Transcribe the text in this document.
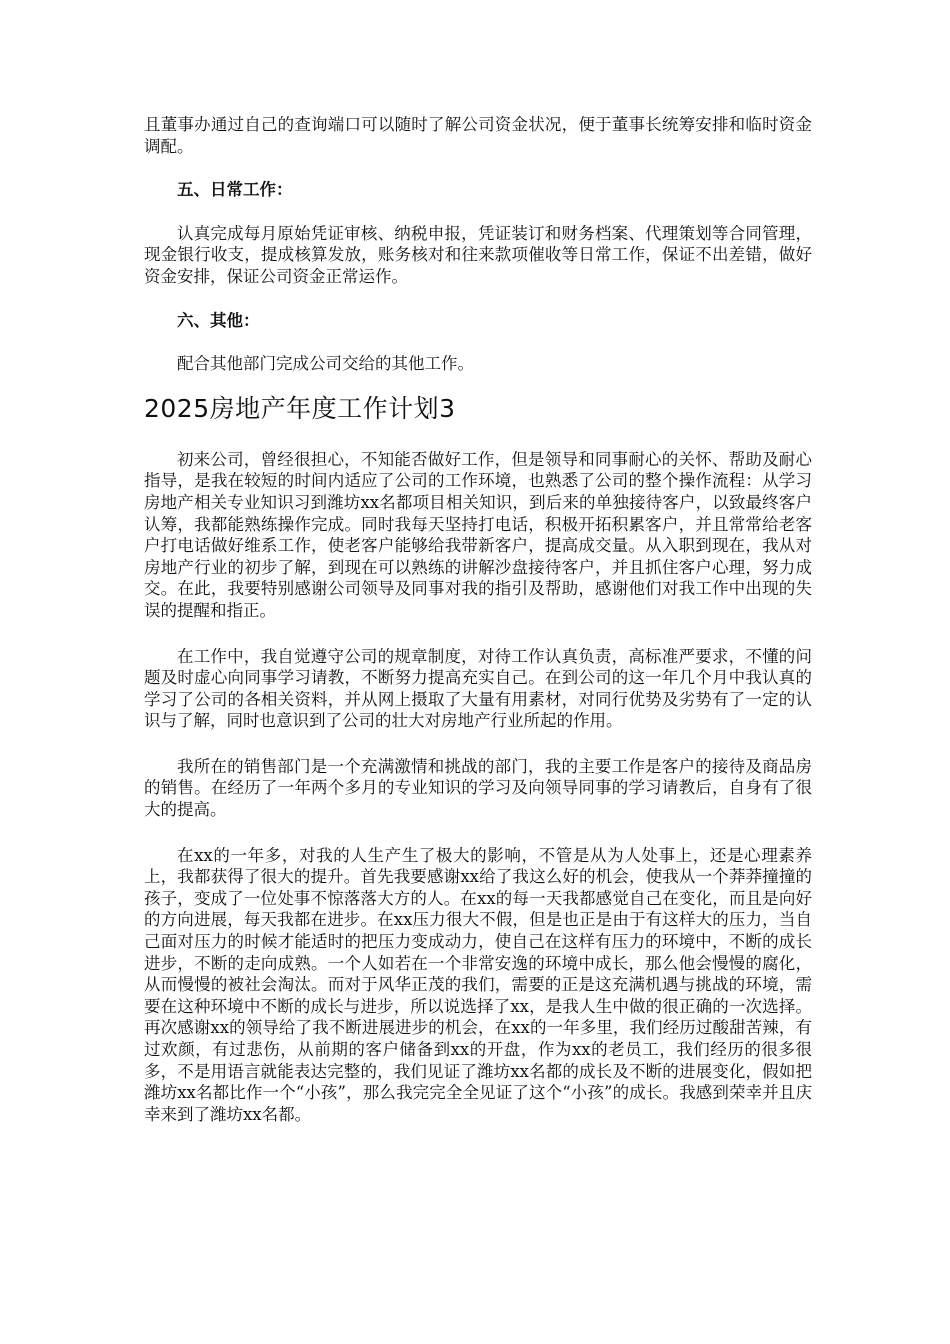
且董事办通过自己的查询端口可以随时了解公司资金状况，便于董事长统筹安排和临时资金调配。

五、日常工作：

认真完成每月原始凭证审核、纳税申报，凭证装订和财务档案、代理策划等合同管理，现金银行收支，提成核算发放，账务核对和往来款项催收等日常工作，保证不出差错，做好资金安排，保证公司资金正常运作。

六、其他：

配合其他部门完成公司交给的其他工作。

2025房地产年度工作计划3

初来公司，曾经很担心，不知能否做好工作，但是领导和同事耐心的关怀、帮助及耐心指导，是我在较短的时间内适应了公司的工作环境，也熟悉了公司的整个操作流程：从学习房地产相关专业知识习到潍坊xx名都项目相关知识，到后来的单独接待客户，以致最终客户认筹，我都能熟练操作完成。同时我每天坚持打电话，积极开拓积累客户，并且常常给老客户打电话做好维系工作，使老客户能够给我带新客户，提高成交量。从入职到现在，我从对房地产行业的初步了解，到现在可以熟练的讲解沙盘接待客户，并且抓住客户心理，努力成交。在此，我要特别感谢公司领导及同事对我的指引及帮助，感谢他们对我工作中出现的失误的提醒和指正。

在工作中，我自觉遵守公司的规章制度，对待工作认真负责，高标准严要求，不懂的问题及时虚心向同事学习请教，不断努力提高充实自己。在到公司的这一年几个月中我认真的学习了公司的各相关资料，并从网上摄取了大量有用素材，对同行优势及劣势有了一定的认识与了解，同时也意识到了公司的壮大对房地产行业所起的作用。

我所在的销售部门是一个充满激情和挑战的部门，我的主要工作是客户的接待及商品房的销售。在经历了一年两个多月的专业知识的学习及向领导同事的学习请教后，自身有了很大的提高。

在xx的一年多，对我的人生产生了极大的影响，不管是从为人处事上，还是心理素养上，我都获得了很大的提升。首先我要感谢xx给了我这么好的机会，使我从一个莽莽撞撞的孩子，变成了一位处事不惊落落大方的人。在xx的每一天我都感觉自己在变化，而且是向好的方向进展，每天我都在进步。在xx压力很大不假，但是也正是由于有这样大的压力，当自己面对压力的时候才能适时的把压力变成动力，使自己在这样有压力的环境中，不断的成长进步，不断的走向成熟。一个人如若在一个非常安逸的环境中成长，那么他会慢慢的腐化，从而慢慢的被社会淘汰。而对于风华正茂的我们，需要的正是这充满机遇与挑战的环境，需要在这种环境中不断的成长与进步，所以说选择了xx，是我人生中做的很正确的一次选择。再次感谢xx的领导给了我不断进展进步的机会，在xx的一年多里，我们经历过酸甜苦辣，有过欢颜，有过悲伤，从前期的客户储备到xx的开盘，作为xx的老员工，我们经历的很多很多，不是用语言就能表达完整的，我们见证了潍坊xx名都的成长及不断的进展变化，假如把潍坊xx名都比作一个“小孩”，那么我完完全全见证了这个“小孩”的成长。我感到荣幸并且庆幸来到了潍坊xx名都。
